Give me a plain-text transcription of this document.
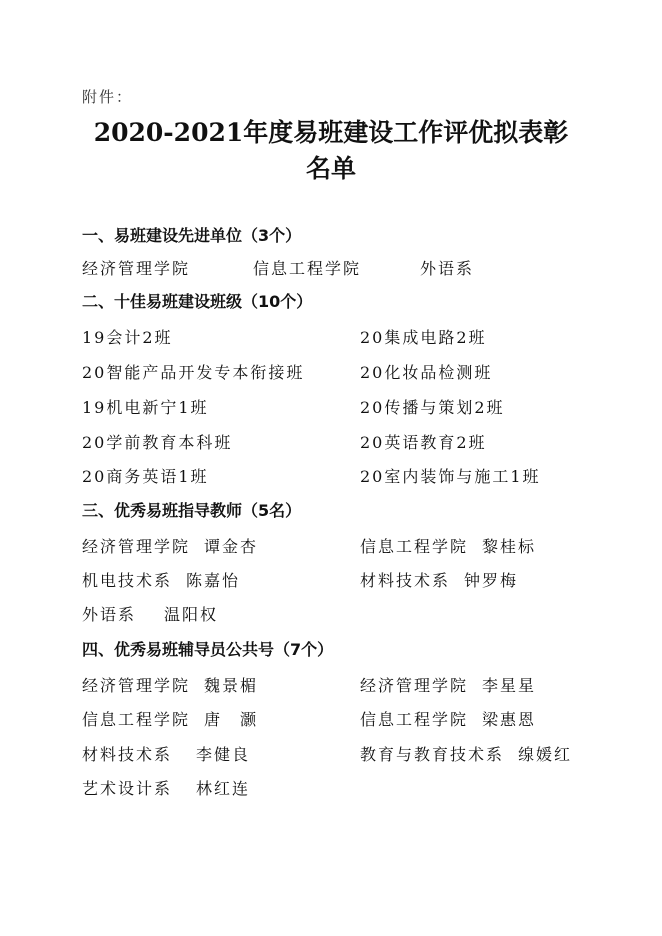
附件：
2020-2021年度易班建设工作评优拟表彰
名单
一、易班建设先进单位（3个）
经济管理学院	信息工程学院	外语系
二、十佳易班建设班级（10个）
19会计2班	20集成电路2班
20智能产品开发专本衔接班	20化妆品检测班
19机电新宁1班	20传播与策划2班
20学前教育本科班	20英语教育2班
20商务英语1班	20室内装饰与施工1班
三、优秀易班指导教师（5名）
经济管理学院 谭金杏	信息工程学院 黎桂标
机电技术系 陈嘉怡	材料技术系 钟罗梅
外语系 温阳权
四、优秀易班辅导员公共号（7个）
经济管理学院 魏景楣	经济管理学院 李星星
信息工程学院 唐　灏	信息工程学院 梁惠恩
材料技术系 李健良	教育与教育技术系 缐媛红
艺术设计系 林红连
